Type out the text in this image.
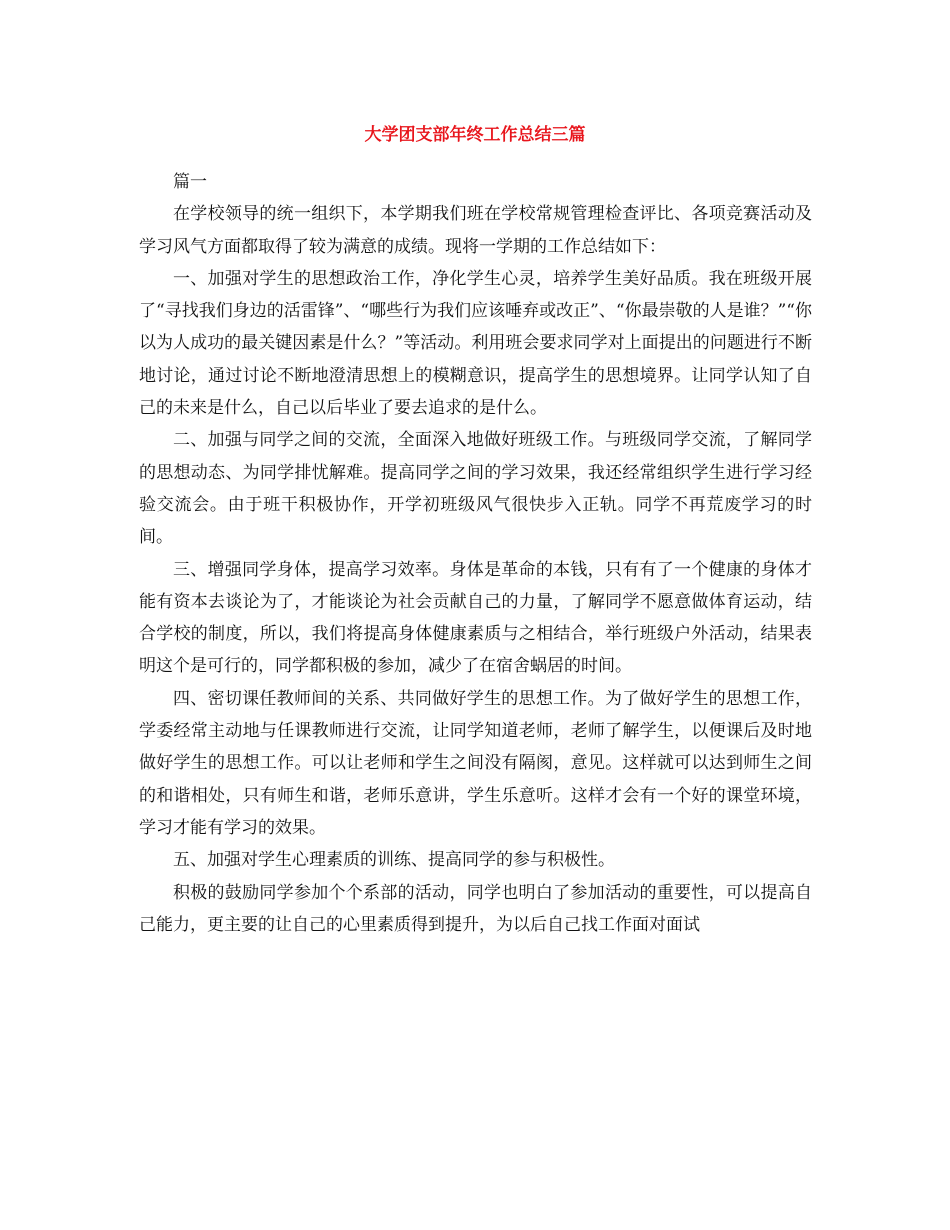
大学团支部年终工作总结三篇

篇一

在学校领导的统一组织下，本学期我们班在学校常规管理检查评比、各项竞赛活动及学习风气方面都取得了较为满意的成绩。现将一学期的工作总结如下：

一、加强对学生的思想政治工作，净化学生心灵，培养学生美好品质。我在班级开展了“寻找我们身边的活雷锋”、“哪些行为我们应该唾弃或改正”、“你最崇敬的人是谁？”“你以为人成功的最关键因素是什么？”等活动。利用班会要求同学对上面提出的问题进行不断地讨论，通过讨论不断地澄清思想上的模糊意识，提高学生的思想境界。让同学认知了自己的未来是什么，自己以后毕业了要去追求的是什么。

二、加强与同学之间的交流，全面深入地做好班级工作。与班级同学交流，了解同学的思想动态、为同学排忧解难。提高同学之间的学习效果，我还经常组织学生进行学习经验交流会。由于班干积极协作，开学初班级风气很快步入正轨。同学不再荒废学习的时间。

三、增强同学身体，提高学习效率。身体是革命的本钱，只有有了一个健康的身体才能有资本去谈论为了，才能谈论为社会贡献自己的力量，了解同学不愿意做体育运动，结合学校的制度，所以，我们将提高身体健康素质与之相结合，举行班级户外活动，结果表明这个是可行的，同学都积极的参加，减少了在宿舍蜗居的时间。

四、密切课任教师间的关系、共同做好学生的思想工作。为了做好学生的思想工作，学委经常主动地与任课教师进行交流，让同学知道老师，老师了解学生，以便课后及时地做好学生的思想工作。可以让老师和学生之间没有隔阂，意见。这样就可以达到师生之间的和谐相处，只有师生和谐，老师乐意讲，学生乐意听。这样才会有一个好的课堂环境，学习才能有学习的效果。

五、加强对学生心理素质的训练、提高同学的参与积极性。

积极的鼓励同学参加个个系部的活动，同学也明白了参加活动的重要性，可以提高自己能力，更主要的让自己的心里素质得到提升，为以后自己找工作面对面试
